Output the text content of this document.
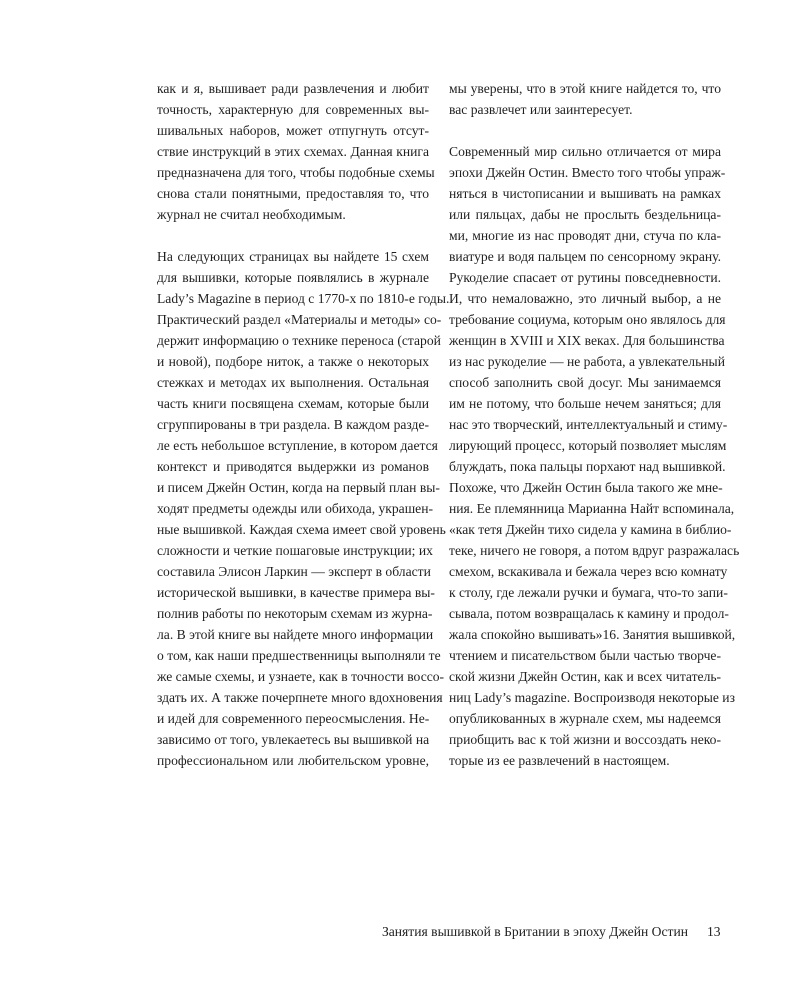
как и я, вышивает ради развлечения и любит
точность, характерную для современных вы-
шивальных наборов, может отпугнуть отсут-
ствие инструкций в этих схемах. Данная книга
предназначена для того, чтобы подобные схемы
снова стали понятными, предоставляя то, что
журнал не считал необходимым.
На следующих страницах вы найдете 15 схем
для вышивки, которые появлялись в журнале
Lady’s Magazine в период с 1770-х по 1810-е годы.
Практический раздел «Материалы и методы» со-
держит информацию о технике переноса (старой
и новой), подборе ниток, а также о некоторых
стежках и методах их выполнения. Остальная
часть книги посвящена схемам, которые были
сгруппированы в три раздела. В каждом разде-
ле есть небольшое вступление, в котором дается
контекст и приводятся выдержки из романов
и писем Джейн Остин, когда на первый план вы-
ходят предметы одежды или обихода, украшен-
ные вышивкой. Каждая схема имеет свой уровень
сложности и четкие пошаговые инструкции; их
составила Элисон Ларкин — эксперт в области
исторической вышивки, в качестве примера вы-
полнив работы по некоторым схемам из журна-
ла. В этой книге вы найдете много информации
о том, как наши предшественницы выполняли те
же самые схемы, и узнаете, как в точности воссо-
здать их. А также почерпнете много вдохновения
и идей для современного переосмысления. Не-
зависимо от того, увлекаетесь вы вышивкой на
профессиональном или любительском уровне,
мы уверены, что в этой книге найдется то, что
вас развлечет или заинтересует.
Современный мир сильно отличается от мира
эпохи Джейн Остин. Вместо того чтобы упраж-
няться в чистописании и вышивать на рамках
или пяльцах, дабы не прослыть бездельница-
ми, многие из нас проводят дни, стуча по кла-
виатуре и водя пальцем по сенсорному экрану.
Рукоделие спасает от рутины повседневности.
И, что немаловажно, это личный выбор, а не
требование социума, которым оно являлось для
женщин в XVIII и XIX веках. Для большинства
из нас рукоделие — не работа, а увлекательный
способ заполнить свой досуг. Мы занимаемся
им не потому, что больше нечем заняться; для
нас это творческий, интеллектуальный и стиму-
лирующий процесс, который позволяет мыслям
блуждать, пока пальцы порхают над вышивкой.
Похоже, что Джейн Остин была такого же мне-
ния. Ее племянница Марианна Найт вспоминала,
«как тетя Джейн тихо сидела у камина в библио-
теке, ничего не говоря, а потом вдруг разражалась
смехом, вскакивала и бежала через всю комнату
к столу, где лежали ручки и бумага, что-то запи-
сывала, потом возвращалась к камину и продол-
жала спокойно вышивать»16. Занятия вышивкой,
чтением и писательством были частью творче-
ской жизни Джейн Остин, как и всех читатель-
ниц Lady’s magazine. Воспроизводя некоторые из
опубликованных в журнале схем, мы надеемся
приобщить вас к той жизни и воссоздать неко-
торые из ее развлечений в настоящем.
Занятия вышивкой в Британии в эпоху Джейн Остин 13
